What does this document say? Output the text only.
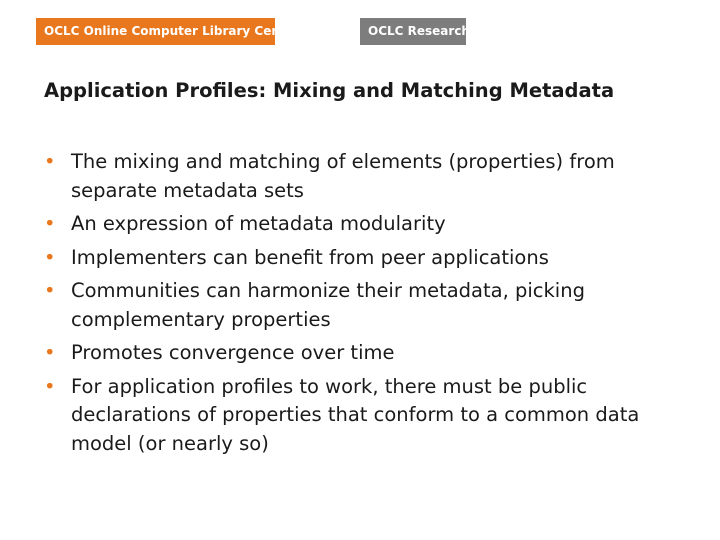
OCLC Online Computer Library Center	OCLC Research
Application Profiles: Mixing and Matching Metadata
• The mixing and matching of elements (properties) from separate metadata sets
• An expression of metadata modularity
• Implementers can benefit from peer applications
• Communities can harmonize their metadata, picking complementary properties
• Promotes convergence over time
• For application profiles to work, there must be public declarations of properties that conform to a common data model (or nearly so)
